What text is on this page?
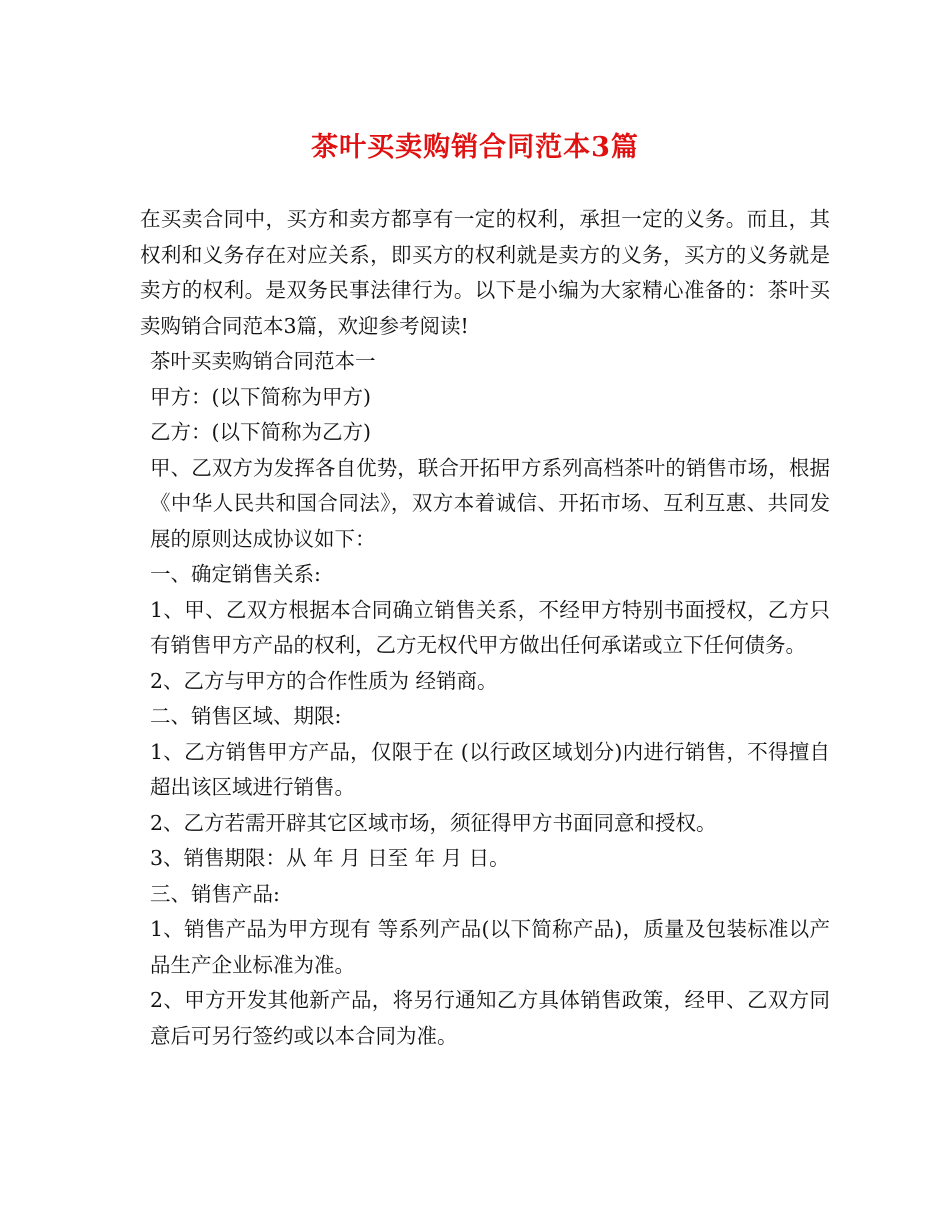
茶叶买卖购销合同范本3篇

在买卖合同中，买方和卖方都享有一定的权利，承担一定的义务。而且，其权利和义务存在对应关系，即买方的权利就是卖方的义务，买方的义务就是卖方的权利。是双务民事法律行为。以下是小编为大家精心准备的：茶叶买卖购销合同范本3篇，欢迎参考阅读!

茶叶买卖购销合同范本一

甲方：(以下简称为甲方)

乙方：(以下简称为乙方)

甲、乙双方为发挥各自优势，联合开拓甲方系列高档茶叶的销售市场，根据《中华人民共和国合同法》，双方本着诚信、开拓市场、互利互惠、共同发展的原则达成协议如下：

一、确定销售关系:

1、甲、乙双方根据本合同确立销售关系，不经甲方特别书面授权，乙方只有销售甲方产品的权利，乙方无权代甲方做出任何承诺或立下任何债务。

2、乙方与甲方的合作性质为 经销商。

二、销售区域、期限:

1、乙方销售甲方产品，仅限于在 (以行政区域划分)内进行销售，不得擅自超出该区域进行销售。

2、乙方若需开辟其它区域市场，须征得甲方书面同意和授权。

3、销售期限：从 年 月 日至 年 月 日。

三、销售产品:

1、销售产品为甲方现有 等系列产品(以下简称产品)，质量及包装标准以产品生产企业标准为准。

2、甲方开发其他新产品，将另行通知乙方具体销售政策，经甲、乙双方同意后可另行签约或以本合同为准。
